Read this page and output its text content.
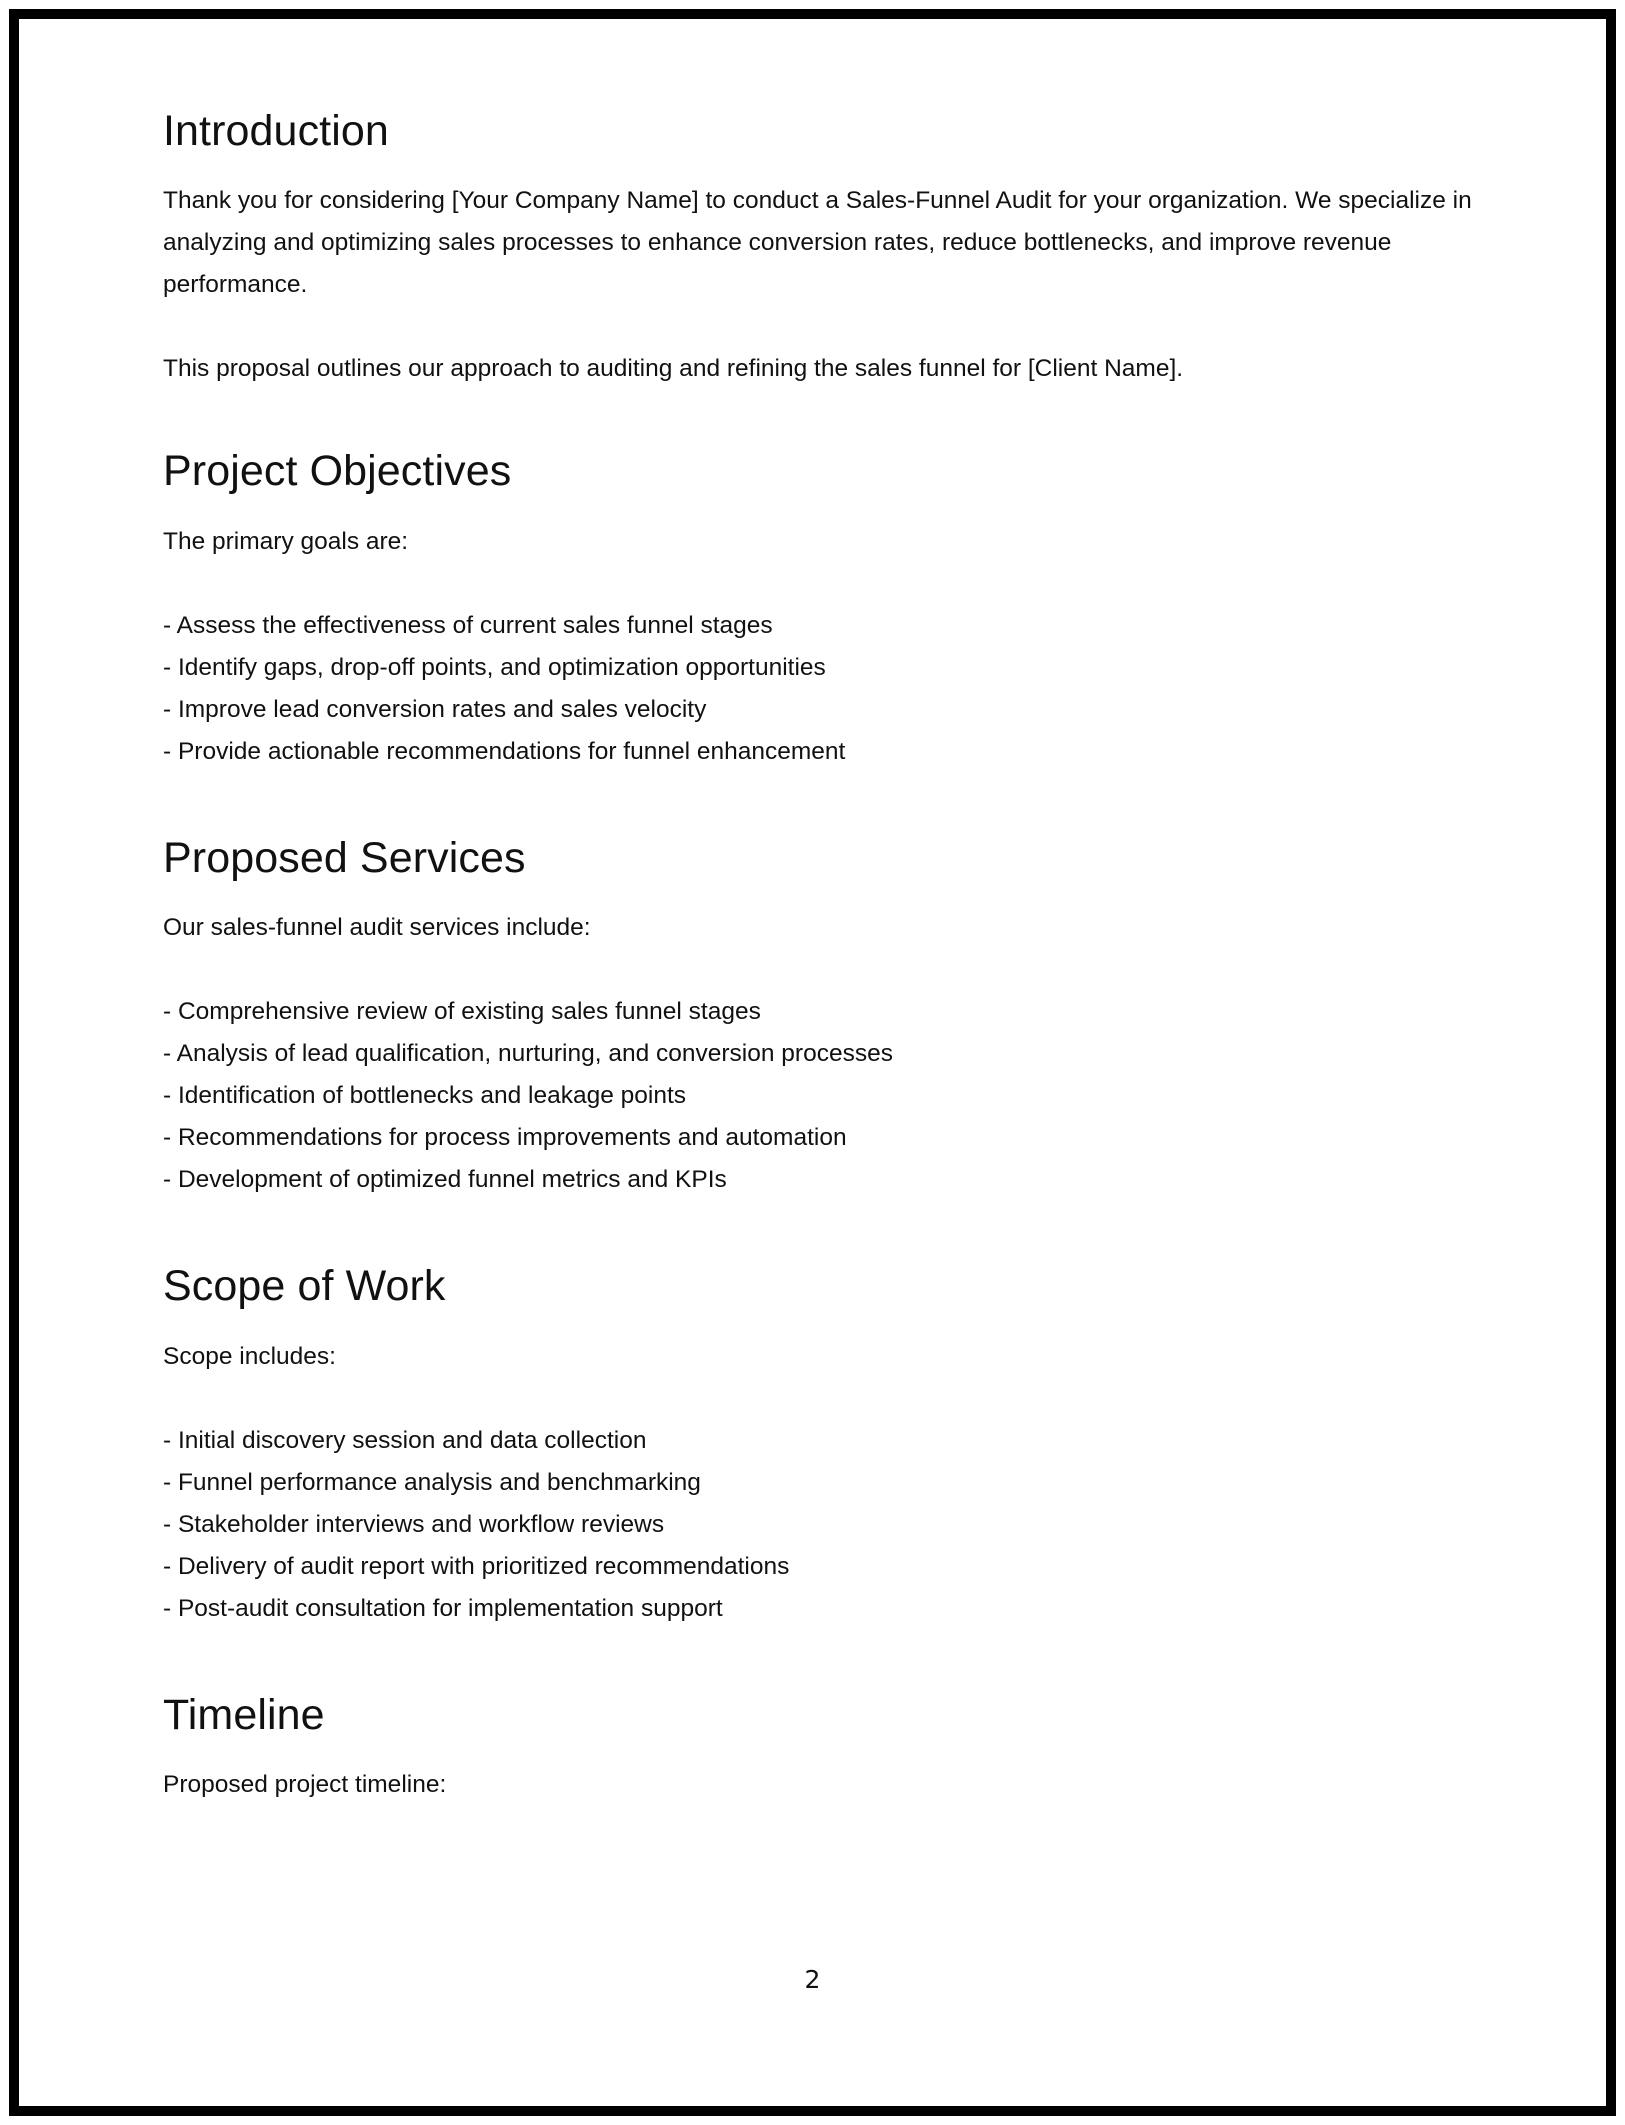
Introduction

Thank you for considering [Your Company Name] to conduct a Sales-Funnel Audit for your organization. We specialize in analyzing and optimizing sales processes to enhance conversion rates, reduce bottlenecks, and improve revenue performance.

This proposal outlines our approach to auditing and refining the sales funnel for [Client Name].

Project Objectives

The primary goals are:

- Assess the effectiveness of current sales funnel stages
- Identify gaps, drop-off points, and optimization opportunities
- Improve lead conversion rates and sales velocity
- Provide actionable recommendations for funnel enhancement
Proposed Services

Our sales-funnel audit services include:

- Comprehensive review of existing sales funnel stages
- Analysis of lead qualification, nurturing, and conversion processes
- Identification of bottlenecks and leakage points
- Recommendations for process improvements and automation
- Development of optimized funnel metrics and KPIs
Scope of Work

Scope includes:

- Initial discovery session and data collection
- Funnel performance analysis and benchmarking
- Stakeholder interviews and workflow reviews
- Delivery of audit report with prioritized recommendations
- Post-audit consultation for implementation support
Timeline

Proposed project timeline:

2
